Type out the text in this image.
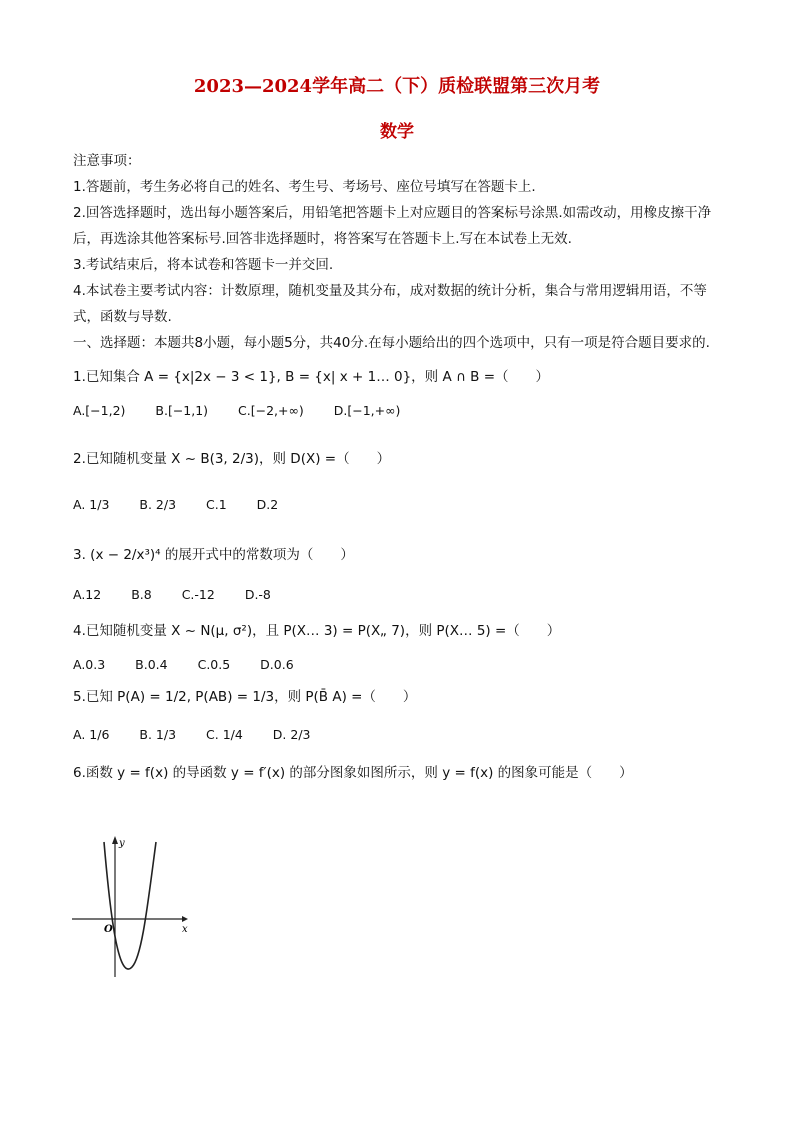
2023—2024学年高二（下）质检联盟第三次月考
数学
注意事项：
1.答题前，考生务必将自己的姓名、考生号、考场号、座位号填写在答题卡上.
2.回答选择题时，选出每小题答案后，用铅笔把答题卡上对应题目的答案标号涂黑.如需改动，用橡皮擦干净后，再选涂其他答案标号.回答非选择题时，将答案写在答题卡上.写在本试卷上无效.
3.考试结束后，将本试卷和答题卡一并交回.
4.本试卷主要考试内容：计数原理，随机变量及其分布，成对数据的统计分析，集合与常用逻辑用语，不等式，函数与导数.
一、选择题：本题共8小题，每小题5分，共40分.在每小题给出的四个选项中，只有一项是符合题目要求的.
1.已知集合 A = {x|2x − 3 < 1}, B = {x| x + 1… 0}，则 A ∩ B =（　　）
A.[−1,2) B.[−1,1) C.[−2,+∞) D.[−1,+∞)
2.已知随机变量 X ~ B(3, 2/3)，则 D(X) =（　　）
A. 1/3 B. 2/3 C.1 D.2
3. (x − 2/x³)⁴ 的展开式中的常数项为（　　）
A.12 B.8 C.-12 D.-8
4.已知随机变量 X ~ N(μ, σ²)，且 P(X… 3) = P(X„ 7)，则 P(X… 5) =（　　）
A.0.3 B.0.4 C.0.5 D.0.6
5.已知 P(A) = 1/2, P(AB) = 1/3，则 P(B̄ A) =（　　）
A. 1/6 B. 1/3 C. 1/4 D. 2/3
6.函数 y = f(x) 的导函数 y = f′(x) 的部分图象如图所示，则 y = f(x) 的图象可能是（　　）
y
x
O
